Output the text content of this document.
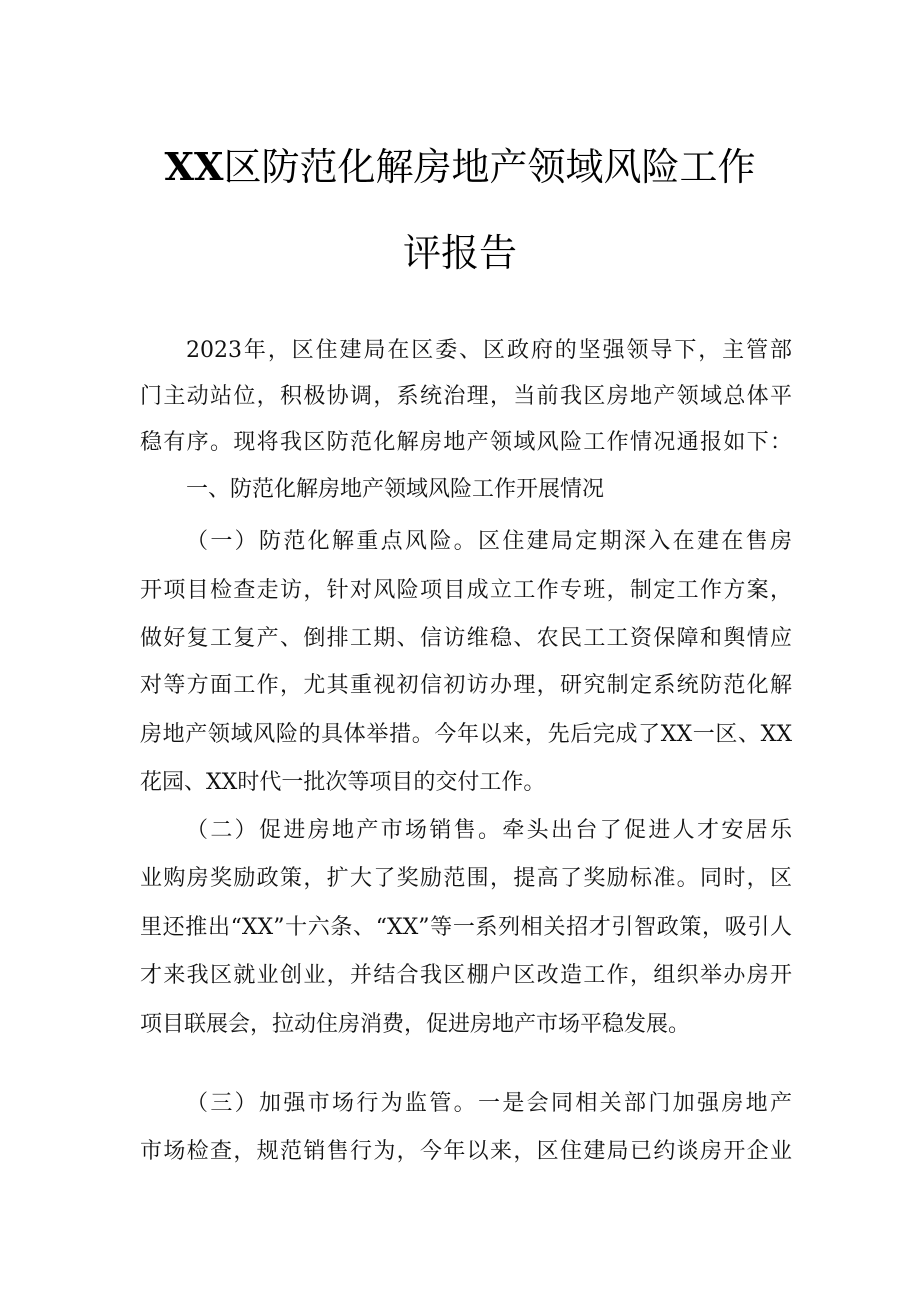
XX区防范化解房地产领域风险工作
评报告
2023年，区住建局在区委、区政府的坚强领导下，主管部
门主动站位，积极协调，系统治理，当前我区房地产领域总体平
稳有序。现将我区防范化解房地产领域风险工作情况通报如下：
一、防范化解房地产领域风险工作开展情况
（一）防范化解重点风险。区住建局定期深入在建在售房
开项目检查走访，针对风险项目成立工作专班，制定工作方案，
做好复工复产、倒排工期、信访维稳、农民工工资保障和舆情应
对等方面工作，尤其重视初信初访办理，研究制定系统防范化解
房地产领域风险的具体举措。今年以来，先后完成了XX一区、XX
花园、XX时代一批次等项目的交付工作。
（二）促进房地产市场销售。牵头出台了促进人才安居乐
业购房奖励政策，扩大了奖励范围，提高了奖励标准。同时，区
里还推出“XX”十六条、“XX”等一系列相关招才引智政策，吸引人
才来我区就业创业，并结合我区棚户区改造工作，组织举办房开
项目联展会，拉动住房消费，促进房地产市场平稳发展。
（三）加强市场行为监管。一是会同相关部门加强房地产
市场检查，规范销售行为，今年以来，区住建局已约谈房开企业
